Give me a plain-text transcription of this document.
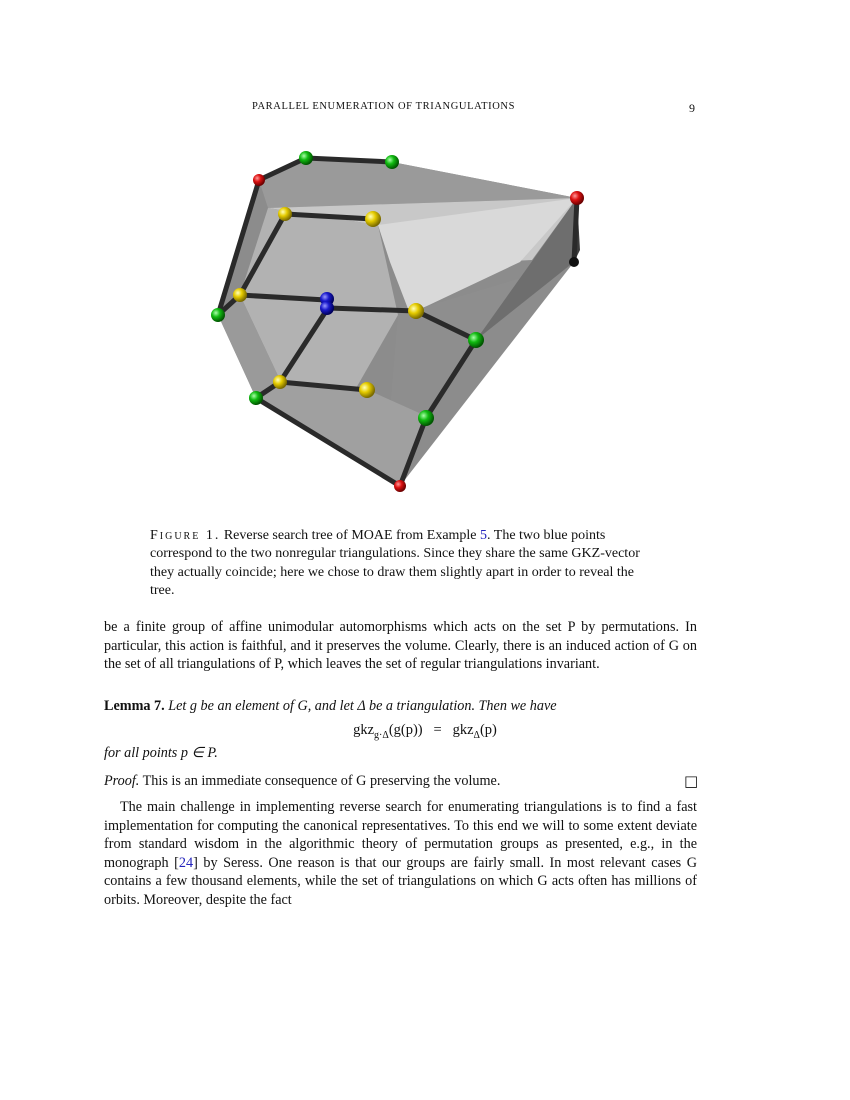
PARALLEL ENUMERATION OF TRIANGULATIONS	9
Figure 1. Reverse search tree of MOAE from Example 5. The two blue points correspond to the two nonregular triangulations. Since they share the same GKZ-vector they actually coincide; here we chose to draw them slightly apart in order to reveal the tree.
be a finite group of affine unimodular automorphisms which acts on the set P by permutations. In particular, this action is faithful, and it preserves the volume. Clearly, there is an induced action of G on the set of all triangulations of P, which leaves the set of regular triangulations invariant.
Lemma 7. Let g be an element of G, and let Δ be a triangulation. Then we have
gkz$_{g\cdot\Delta}$(g(p)) = gkz$_\Delta$(p)
for all points p ∈ P.
Proof. This is an immediate consequence of G preserving the volume.	□
The main challenge in implementing reverse search for enumerating triangulations is to find a fast implementation for computing the canonical representatives. To this end we will to some extent deviate from standard wisdom in the algorithmic theory of permutation groups as presented, e.g., in the monograph [24] by Seress. One reason is that our groups are fairly small. In most relevant cases G contains a few thousand elements, while the set of triangulations on which G acts often has millions of orbits. Moreover, despite the fact
